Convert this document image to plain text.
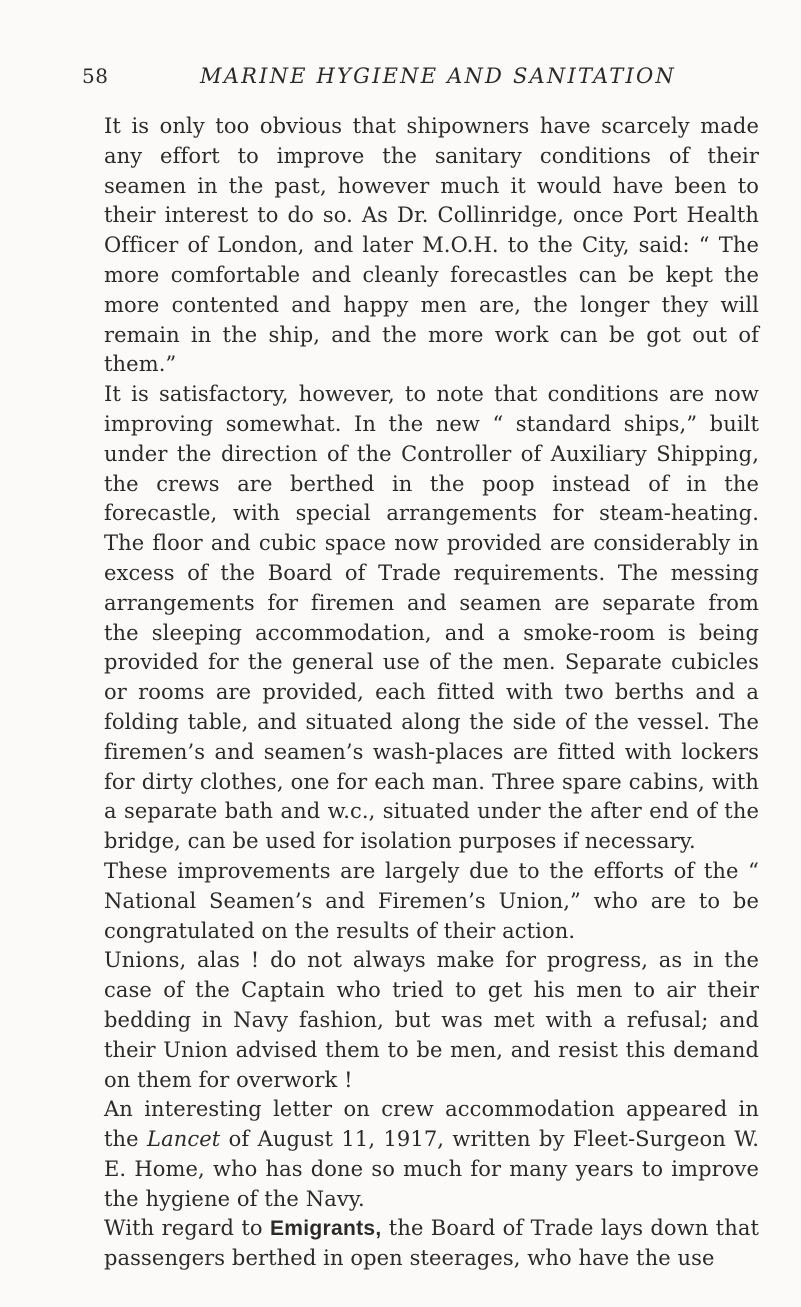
58	MARINE HYGIENE AND SANITATION

It is only too obvious that shipowners have scarcely made any effort to improve the sanitary conditions of their seamen in the past, however much it would have been to their interest to do so. As Dr. Collinridge, once Port Health Officer of London, and later M.O.H. to the City, said: “ The more comfortable and cleanly forecastles can be kept the more contented and happy men are, the longer they will remain in the ship, and the more work can be got out of them.”

It is satisfactory, however, to note that conditions are now improving somewhat. In the new “ standard ships,” built under the direction of the Controller of Auxiliary Shipping, the crews are berthed in the poop instead of in the forecastle, with special arrangements for steam-heating. The floor and cubic space now provided are considerably in excess of the Board of Trade requirements. The messing arrangements for firemen and seamen are separate from the sleeping accommodation, and a smoke-room is being provided for the general use of the men. Separate cubicles or rooms are provided, each fitted with two berths and a folding table, and situated along the side of the vessel. The firemen’s and seamen’s wash-places are fitted with lockers for dirty clothes, one for each man. Three spare cabins, with a separate bath and w.c., situated under the after end of the bridge, can be used for isolation purposes if necessary.

These improvements are largely due to the efforts of the “ National Seamen’s and Firemen’s Union,” who are to be congratulated on the results of their action.

Unions, alas ! do not always make for progress, as in the case of the Captain who tried to get his men to air their bedding in Navy fashion, but was met with a refusal; and their Union advised them to be men, and resist this demand on them for overwork !

An interesting letter on crew accommodation appeared in the Lancet of August 11, 1917, written by Fleet-Surgeon W. E. Home, who has done so much for many years to improve the hygiene of the Navy.

With regard to Emigrants, the Board of Trade lays down that passengers berthed in open steerages, who have the use
